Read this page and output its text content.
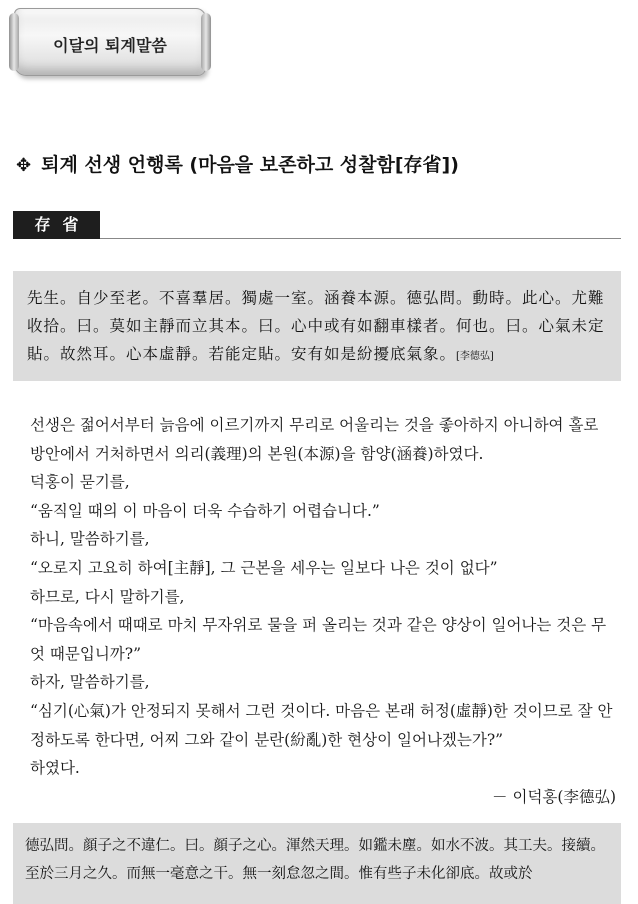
이달의 퇴계말씀
✥ 퇴계 선생 언행록 (마음을 보존하고 성찰함[存省])
存省
先生。自少至老。不喜羣居。獨處一室。涵養本源。德弘問。動時。此心。尤難收拾。曰。莫如主靜而立其本。曰。心中或有如翻車樣者。何也。曰。心氣未定貼。故然耳。心本虛靜。若能定貼。安有如是紛擾底氣象。[李德弘]

선생은 젊어서부터 늙음에 이르기까지 무리로 어울리는 것을 좋아하지 아니하여 홀로 방안에서 거처하면서 의리(義理)의 본원(本源)을 함양(涵養)하였다.

덕홍이 묻기를,

“움직일 때의 이 마음이 더욱 수습하기 어렵습니다.”

하니, 말씀하기를,

“오로지 고요히 하여[主靜], 그 근본을 세우는 일보다 나은 것이 없다”

하므로, 다시 말하기를,

“마음속에서 때때로 마치 무자위로 물을 퍼 올리는 것과 같은 양상이 일어나는 것은 무엇 때문입니까?”

하자, 말씀하기를,

“심기(心氣)가 안정되지 못해서 그런 것이다. 마음은 본래 허정(虛靜)한 것이므로 잘 안정하도록 한다면, 어찌 그와 같이 분란(紛亂)한 현상이 일어나겠는가?”

하였다.

－ 이덕홍(李德弘)

德弘問。顔子之不違仁。曰。顔子之心。渾然天理。如鑑未塵。如水不波。其工夫。接續。至於三月之久。而無一毫意之干。無一刻怠忽之間。惟有些子未化卻底。故或於
